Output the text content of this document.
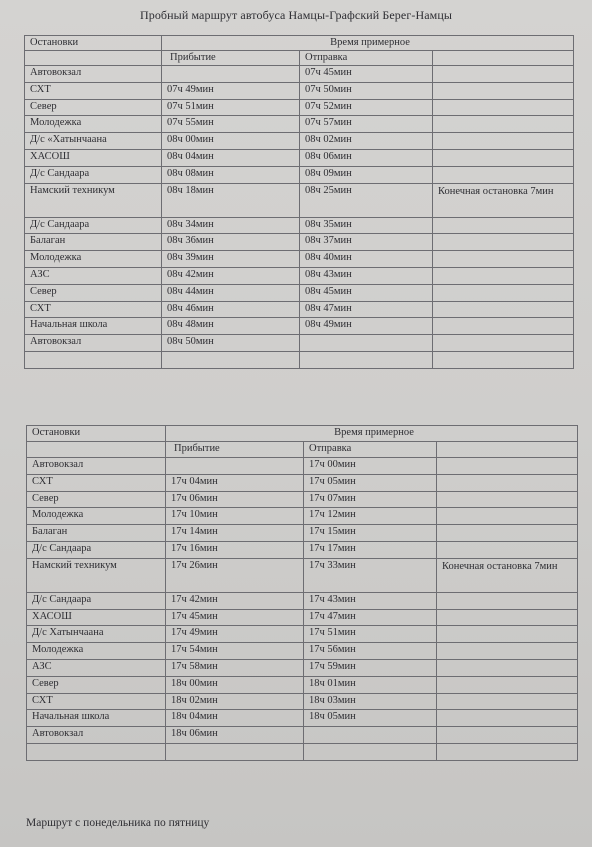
Пробный маршрут автобуса Намцы-Графский Берег-Намцы
Остановки	Время примерное		
	Прибытие	Отправка	
Автовокзал		07ч 45мин	
СХТ	07ч 49мин	07ч 50мин	
Север	07ч 51мин	07ч 52мин	
Молодежка	07ч 55мин	07ч 57мин	
Д/с «Хатынчаана	08ч 00мин	08ч 02мин	
ХАСОШ	08ч 04мин	08ч 06мин	
Д/с Сандаара	08ч 08мин	08ч 09мин	
Намский техникум	08ч 18мин	08ч 25мин	Конечная остановка 7мин
Д/с Сандаара	08ч 34мин	08ч 35мин	
Балаган	08ч 36мин	08ч 37мин	
Молодежка	08ч 39мин	08ч 40мин	
АЗС	08ч 42мин	08ч 43мин	
Север	08ч 44мин	08ч 45мин	
СХТ	08ч 46мин	08ч 47мин	
Начальная школа	08ч 48мин	08ч 49мин	
Автовокзал	08ч 50мин		

Остановки	Время примерное		
	Прибытие	Отправка	
Автовокзал		17ч 00мин	
СХТ	17ч 04мин	17ч 05мин	
Север	17ч 06мин	17ч 07мин	
Молодежка	17ч 10мин	17ч 12мин	
Балаган	17ч 14мин	17ч 15мин	
Д/с Сандаара	17ч 16мин	17ч 17мин	
Намский техникум	17ч 26мин	17ч 33мин	Конечная остановка 7мин
Д/с Сандаара	17ч 42мин	17ч 43мин	
ХАСОШ	17ч 45мин	17ч 47мин	
Д/с Хатынчаана	17ч 49мин	17ч 51мин	
Молодежка	17ч 54мин	17ч 56мин	
АЗС	17ч 58мин	17ч 59мин	
Север	18ч 00мин	18ч 01мин	
СХТ	18ч 02мин	18ч 03мин	
Начальная школа	18ч 04мин	18ч 05мин	
Автовокзал	18ч 06мин		

Маршрут с понедельника по пятницу
